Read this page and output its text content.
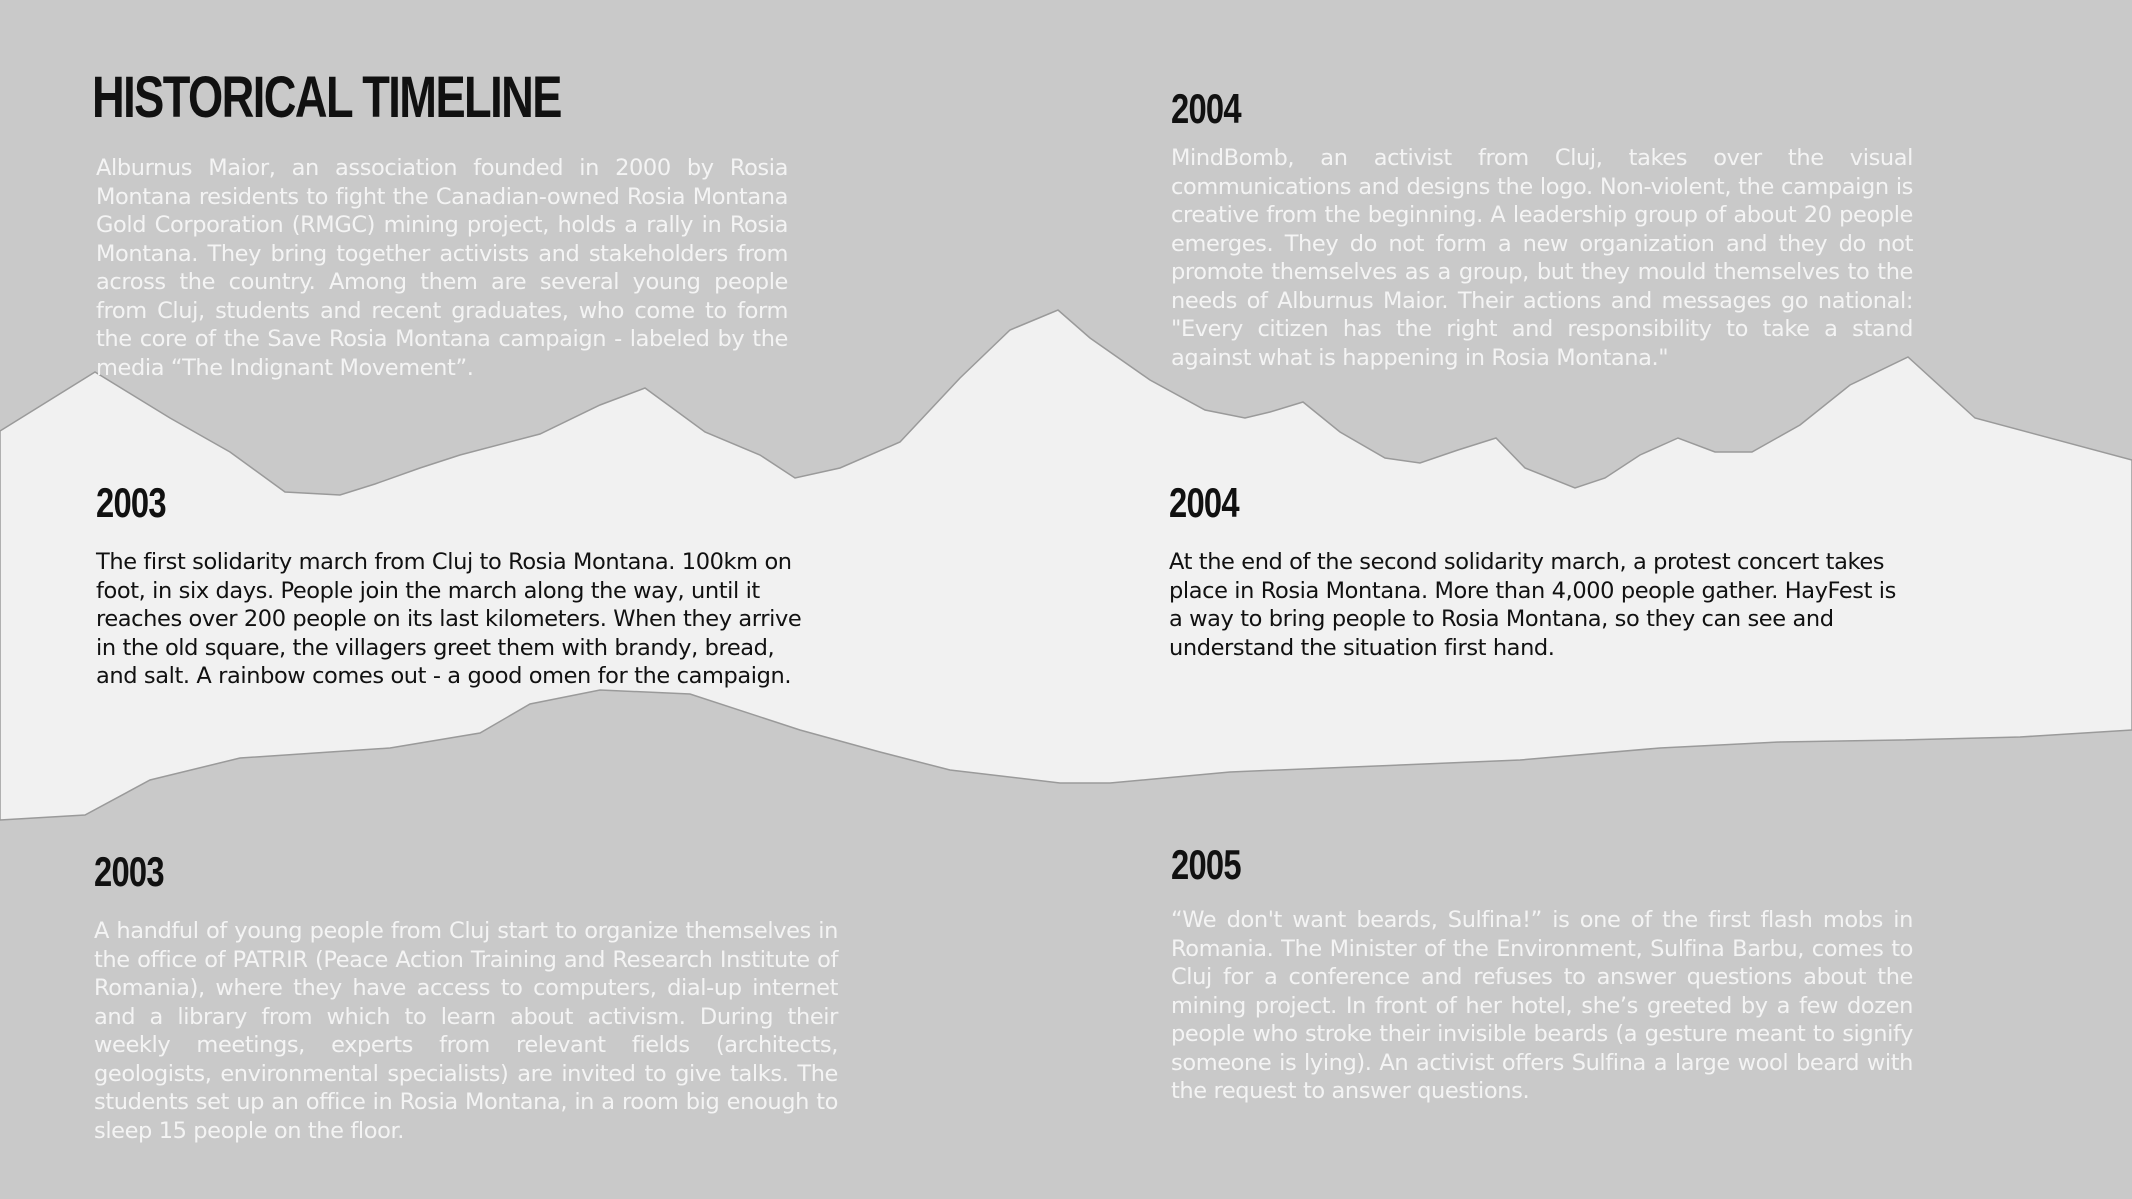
HISTORICAL TIMELINE

Alburnus Maior, an association founded in 2000 by Rosia Montana residents to fight the Canadian-owned Rosia Montana Gold Corporation (RMGC) mining project, holds a rally in Rosia Montana. They bring together activists and stakeholders from across the country. Among them are several young people from Cluj, students and recent graduates, who come to form the core of the Save Rosia Montana campaign - labeled by the media “The Indignant Movement”.

2004

MindBomb, an activist from Cluj, takes over the visual communications and designs the logo. Non-violent, the campaign is creative from the beginning. A leadership group of about 20 people emerges. They do not form a new organization and they do not promote themselves as a group, but they mould themselves to the needs of Alburnus Maior. Their actions and messages go national: "Every citizen has the right and responsibility to take a stand against what is happening in Rosia Montana."

2003

The first solidarity march from Cluj to Rosia Montana. 100km on foot, in six days. People join the march along the way, until it reaches over 200 people on its last kilometers. When they arrive in the old square, the villagers greet them with brandy, bread, and salt. A rainbow comes out - a good omen for the campaign.

2004

At the end of the second solidarity march, a protest concert takes place in Rosia Montana. More than 4,000 people gather. HayFest is a way to bring people to Rosia Montana, so they can see and understand the situation first hand.

2003

A handful of young people from Cluj start to organize themselves in the office of PATRIR (Peace Action Training and Research Institute of Romania), where they have access to computers, dial-up internet and a library from which to learn about activism. During their weekly meetings, experts from relevant fields (architects, geologists, environmental specialists) are invited to give talks. The students set up an office in Rosia Montana, in a room big enough to sleep 15 people on the floor.

2005

“We don't want beards, Sulfina!” is one of the first flash mobs in Romania. The Minister of the Environment, Sulfina Barbu, comes to Cluj for a conference and refuses to answer questions about the mining project. In front of her hotel, she’s greeted by a few dozen people who stroke their invisible beards (a gesture meant to signify someone is lying). An activist offers Sulfina a large wool beard with the request to answer questions.
